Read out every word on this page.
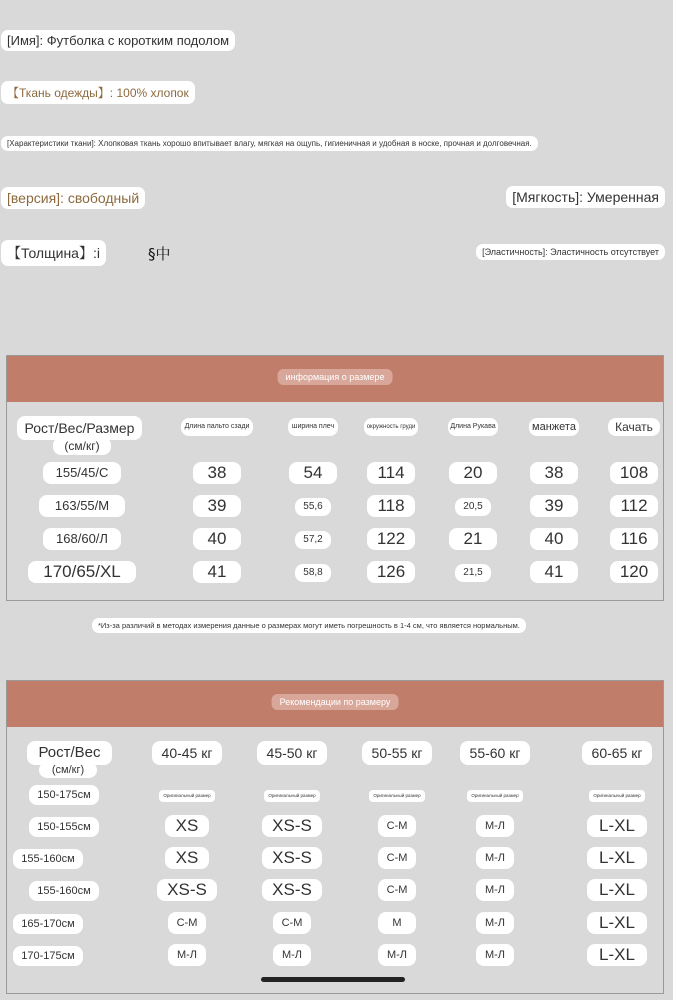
[Имя]: Футболка с коротким подолом
【Ткань одежды】: 100% хлопок
[Характеристики ткани]: Хлопковая ткань хорошо впитывает влагу, мягкая на ощупь, гигиеничная и удобная в носке, прочная и долговечная.
[версия]: свободный	[Мягкость]: Умеренная
【Толщина】:i	§中	[Эластичность]: Эластичность отсутствует
информация о размере
Рост/Вес/Размер
(см/кг)
Длина пальто сзади	ширина плеч	окружность груди	Длина Рукава	манжета	Качать
155/45/C	38	54	114	20	38	108
163/55/M	39	55,6	118	20,5	39	112
168/60/Л	40	57,2	122	21	40	116
170/65/XL	41	58,8	126	21,5	41	120
*Из-за различий в методах измерения данные о размерах могут иметь погрешность в 1-4 см, что является нормальным.
Рекомендации по размеру
Рост/Вес
(см/кг)
40-45 кг	45-50 кг	50-55 кг	55-60 кг	60-65 кг
150-175см	Оригинальный размер	Оригинальный размер	Оригинальный размер	Оригинальный размер	Оригинальный размер
150-155см	XS	XS-S	С-М	М-Л	L-XL
155-160см	XS	XS-S	С-М	М-Л	L-XL
155-160см	XS-S	XS-S	С-М	М-Л	L-XL
165-170см	С-М	С-М	М	М-Л	L-XL
170-175см	М-Л	М-Л	М-Л	М-Л	L-XL
